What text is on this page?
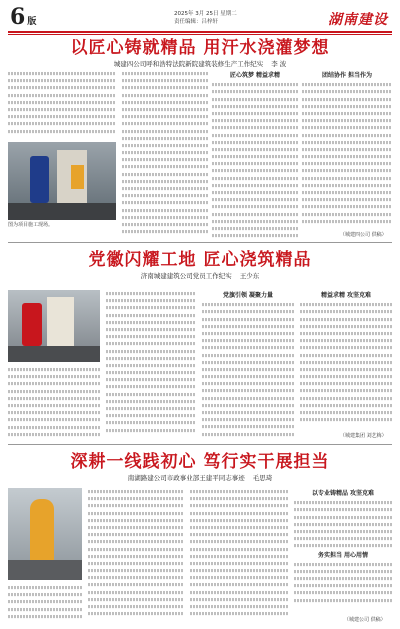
6 版
2025年 3月 25日 星期二
责任编辑：吕梓轩	湖南建设
以匠心铸就精品 用汗水浇灌梦想
城建四公司呼和浩特法院新院建筑装修生产工作纪实 李 波
图为项目施工现场。
匠心筑梦 精益求精	团结协作 担当作为
（城建四公司 供稿）
党徽闪耀工地 匠心浇筑精品
济南城建建筑公司党员工作纪实 王少东
党旗引领 凝聚力量	精益求精 攻坚克难
（城建集团 刘艺梅）
深耕一线践初心 笃行实干展担当
南湖路建公司市政事业部王建平同志事迹 毛思琦
以专业铸精品 攻坚克难
务实担当 用心用情
（城建公司 供稿）
